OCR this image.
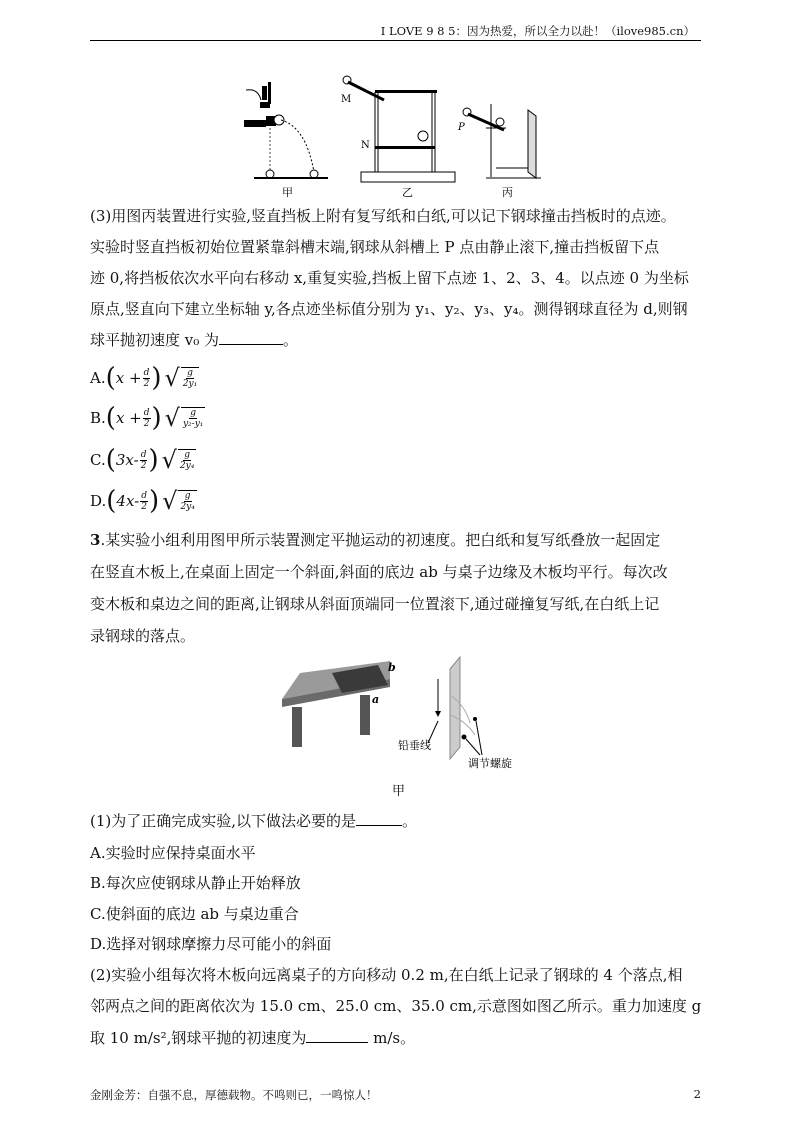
I LOVE 9 8 5：因为热爱，所以全力以赴！（ilove985.cn）
甲
M
N
乙
P
丙
(3)用图丙装置进行实验,竖直挡板上附有复写纸和白纸,可以记下钢球撞击挡板时的点迹。
实验时竖直挡板初始位置紧靠斜槽末端,钢球从斜槽上 P 点由静止滚下,撞击挡板留下点
迹 0,将挡板依次水平向右移动 x,重复实验,挡板上留下点迹 1、2、3、4。以点迹 0 为坐标
原点,竖直向下建立坐标轴 y,各点迹坐标值分别为 y₁、y₂、y₃、y₄。测得钢球直径为 d,则钢
球平抛初速度 v₀ 为	。
A. ( $x + \frac{d}{2}$ ) √ $\frac{g}{\text{2y₁}}$
B. ( $x + \frac{d}{2}$ ) √ $\frac{g}{\text{y₂-y₁}}$
C. ( $3x- \frac{d}{2}$ ) √ $\frac{g}{\text{2y₄}}$
D. ( $4x- \frac{d}{2}$ ) √ $\frac{g}{\text{2y₄}}$
3.某实验小组利用图甲所示装置测定平抛运动的初速度。把白纸和复写纸叠放一起固定
在竖直木板上,在桌面上固定一个斜面,斜面的底边 ab 与桌子边缘及木板均平行。每次改
变木板和桌边之间的距离,让钢球从斜面顶端同一位置滚下,通过碰撞复写纸,在白纸上记
录钢球的落点。
b
a
铅垂线
调节螺旋
甲
(1)为了正确完成实验,以下做法必要的是	。
A.实验时应保持桌面水平
B.每次应使钢球从静止开始释放
C.使斜面的底边 ab 与桌边重合
D.选择对钢球摩擦力尽可能小的斜面
(2)实验小组每次将木板向远离桌子的方向移动 0.2 m,在白纸上记录了钢球的 4 个落点,相
邻两点之间的距离依次为 15.0 cm、25.0 cm、35.0 cm,示意图如图乙所示。重力加速度 g
取 10 m/s²,钢球平抛的初速度为	m/s。
金刚金芳：自强不息，厚德载物。不鸣则已，一鸣惊人！	2
